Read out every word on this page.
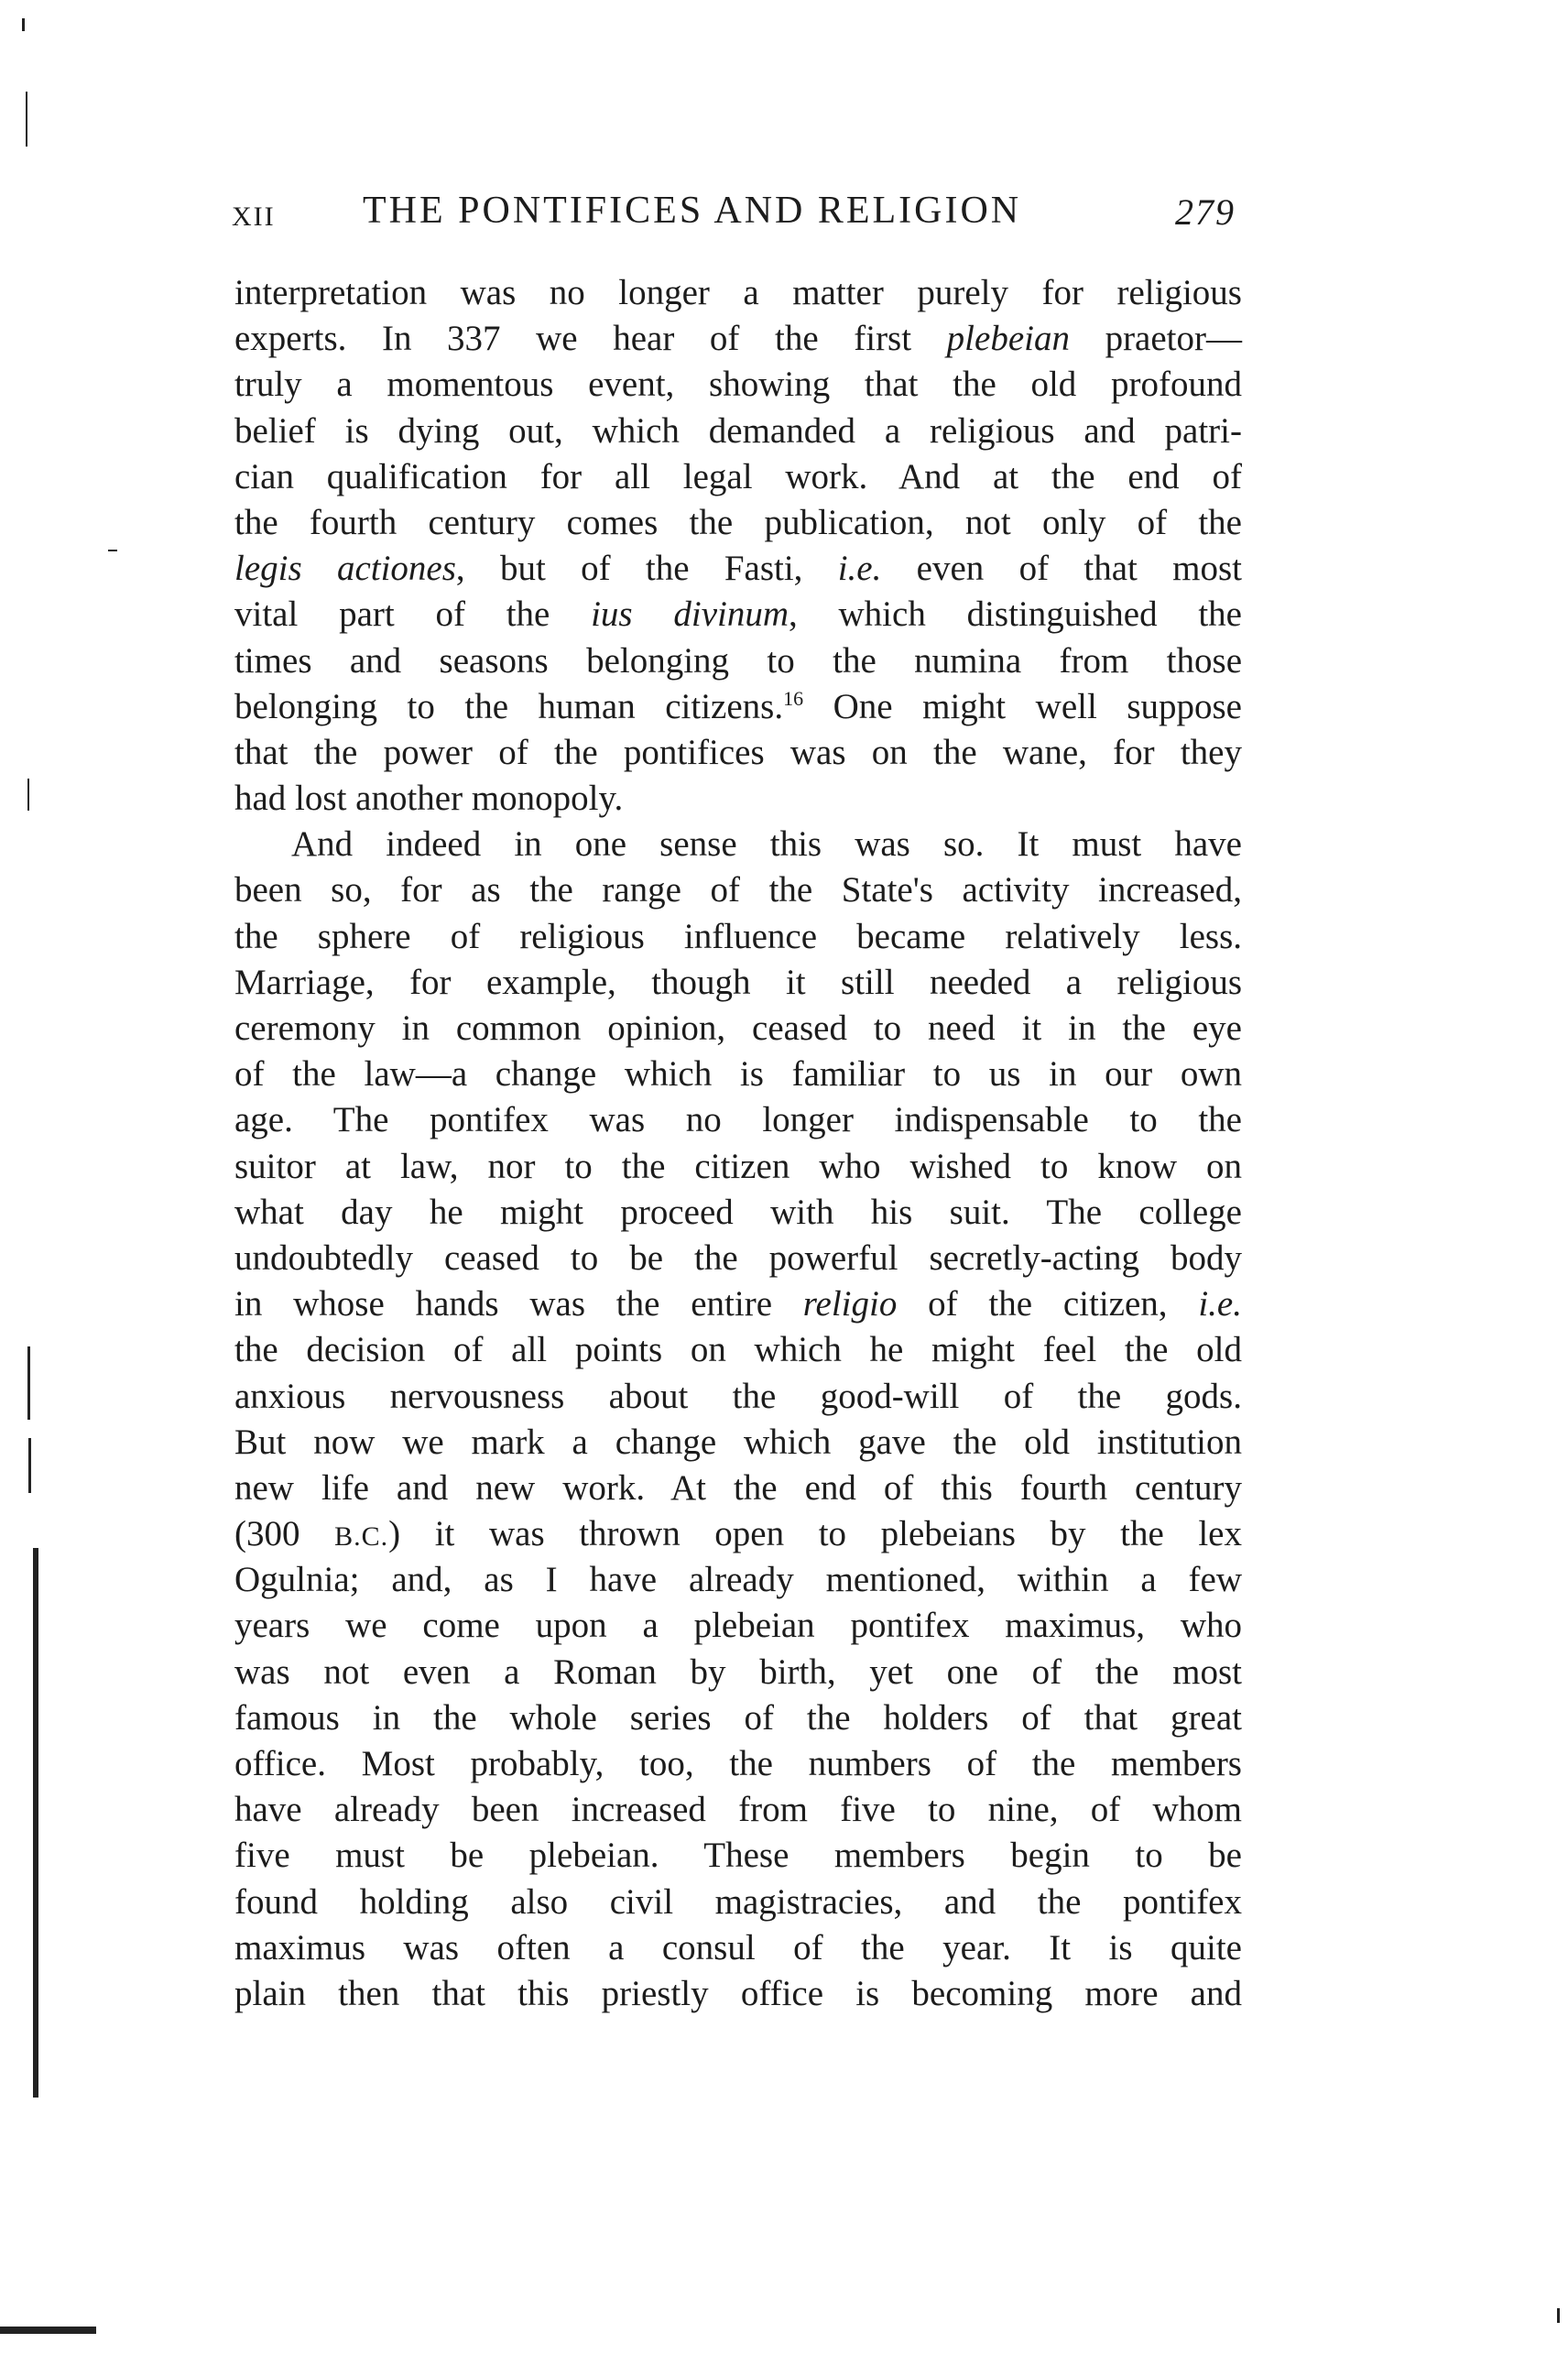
XII THE PONTIFICES AND RELIGION	279
interpretation was no longer a matter purely for religious
experts. In 337 we hear of the first plebeian praetor—
truly a momentous event, showing that the old profound
belief is dying out, which demanded a religious and patri-
cian qualification for all legal work. And at the end of
the fourth century comes the publication, not only of the
legis actiones, but of the Fasti, i.e. even of that most
vital part of the ius divinum, which distinguished the
times and seasons belonging to the numina from those
belonging to the human citizens.$^{16}$ One might well suppose
that the power of the pontifices was on the wane, for they
had lost another monopoly.
And indeed in one sense this was so. It must have
been so, for as the range of the State's activity increased,
the sphere of religious influence became relatively less.
Marriage, for example, though it still needed a religious
ceremony in common opinion, ceased to need it in the eye
of the law—a change which is familiar to us in our own
age. The pontifex was no longer indispensable to the
suitor at law, nor to the citizen who wished to know on
what day he might proceed with his suit. The college
undoubtedly ceased to be the powerful secretly-acting body
in whose hands was the entire religio of the citizen, i.e.
the decision of all points on which he might feel the old
anxious nervousness about the good-will of the gods.
But now we mark a change which gave the old institution
new life and new work. At the end of this fourth century
(300 B.C.) it was thrown open to plebeians by the lex
Ogulnia; and, as I have already mentioned, within a few
years we come upon a plebeian pontifex maximus, who
was not even a Roman by birth, yet one of the most
famous in the whole series of the holders of that great
office. Most probably, too, the numbers of the members
have already been increased from five to nine, of whom
five must be plebeian. These members begin to be
found holding also civil magistracies, and the pontifex
maximus was often a consul of the year. It is quite
plain then that this priestly office is becoming more and
